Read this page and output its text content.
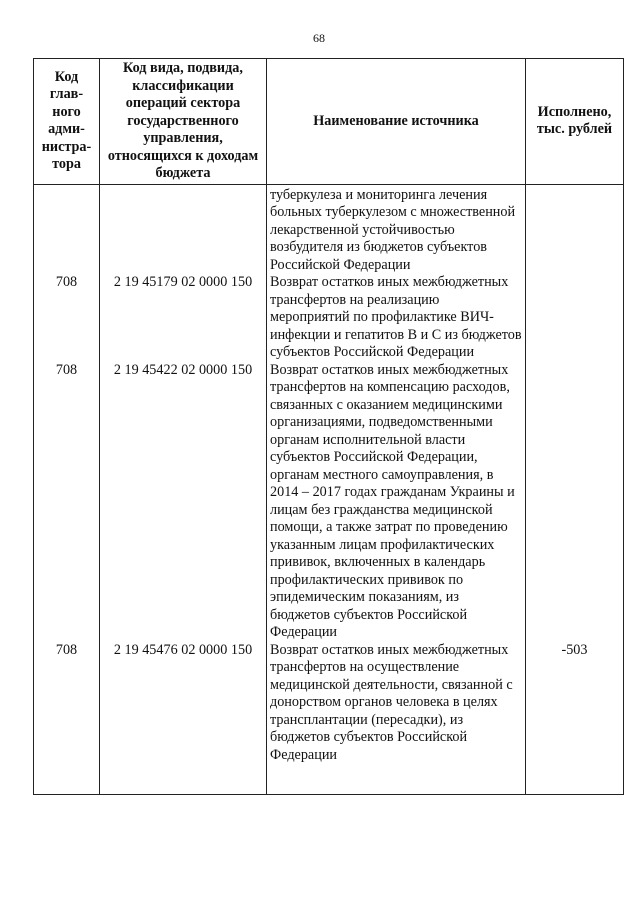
68
Код глав-ного адми-нистра-тора	Код вида, подвида, классификации операций сектора государственного управления, относящихся к доходам бюджета	Наименование источника	Исполнено, тыс. рублей
		туберкулеза и мониторинга лечения больных туберкулезом с множественной лекарственной устойчивостью возбудителя из бюджетов субъектов Российской Федерации	
708	2 19 45179 02 0000 150	Возврат остатков иных межбюджетных трансфертов на реализацию мероприятий по профилактике ВИЧ-инфекции и гепатитов В и С из бюджетов субъектов Российской Федерации	
708	2 19 45422 02 0000 150	Возврат остатков иных межбюджетных трансфертов на компенсацию расходов, связанных с оказанием медицинскими организациями, подведомственными органам исполнительной власти субъектов Российской Федерации, органам местного самоуправления, в 2014 – 2017 годах гражданам Украины и лицам без гражданства медицинской помощи, а также затрат по проведению указанным лицам профилактических прививок, включенных в календарь профилактических прививок по эпидемическим показаниям, из бюджетов субъектов Российской Федерации	
708	2 19 45476 02 0000 150	Возврат остатков иных межбюджетных трансфертов на осуществление медицинской деятельности, связанной с донорством органов человека в целях трансплантации (пересадки), из бюджетов субъектов Российской Федерации	-503
